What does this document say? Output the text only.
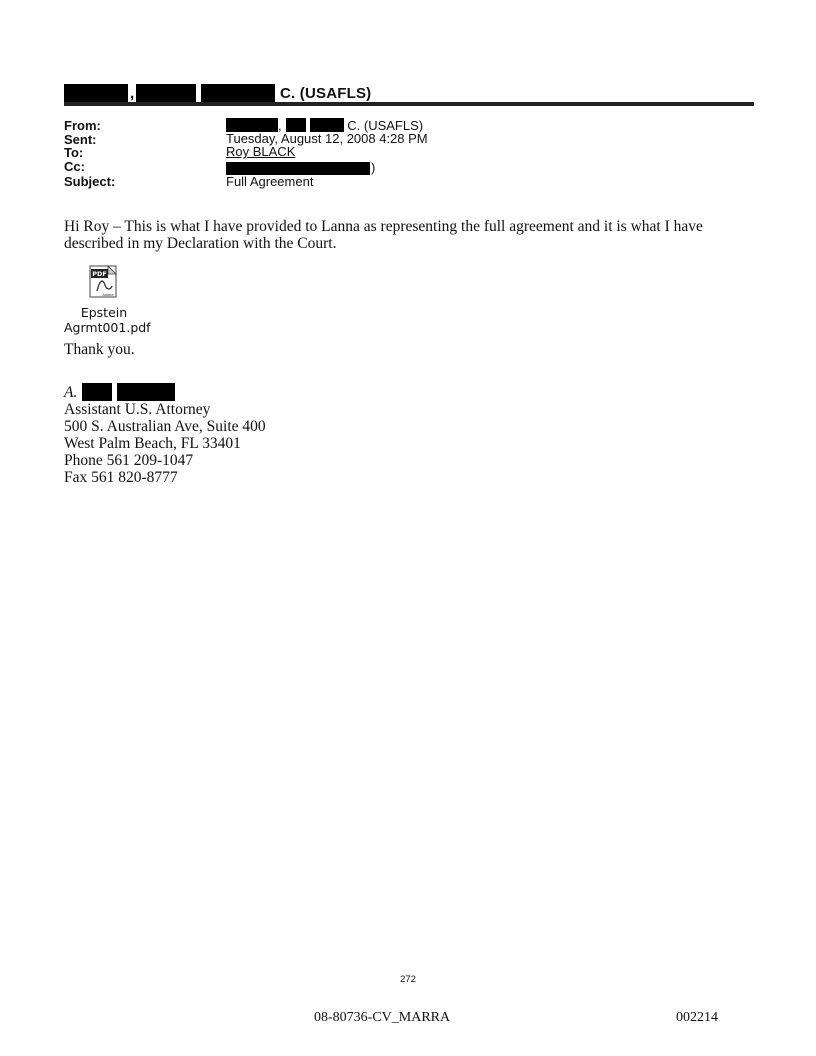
,	C. (USAFLS)
From:	,	C. (USAFLS)
Sent:	Tuesday, August 12, 2008 4:28 PM
To:	Roy BLACK
Cc:	)
Subject:	Full Agreement
Hi Roy – This is what I have provided to Lanna as representing the full agreement and it is what I have described in my Declaration with the Court.
PDF
Adobe
Epstein
Agrmt001.pdf
Thank you.
A.
Assistant U.S. Attorney
500 S. Australian Ave, Suite 400
West Palm Beach, FL 33401
Phone 561 209-1047
Fax 561 820-8777
272
08-80736-CV_MARRA	002214
